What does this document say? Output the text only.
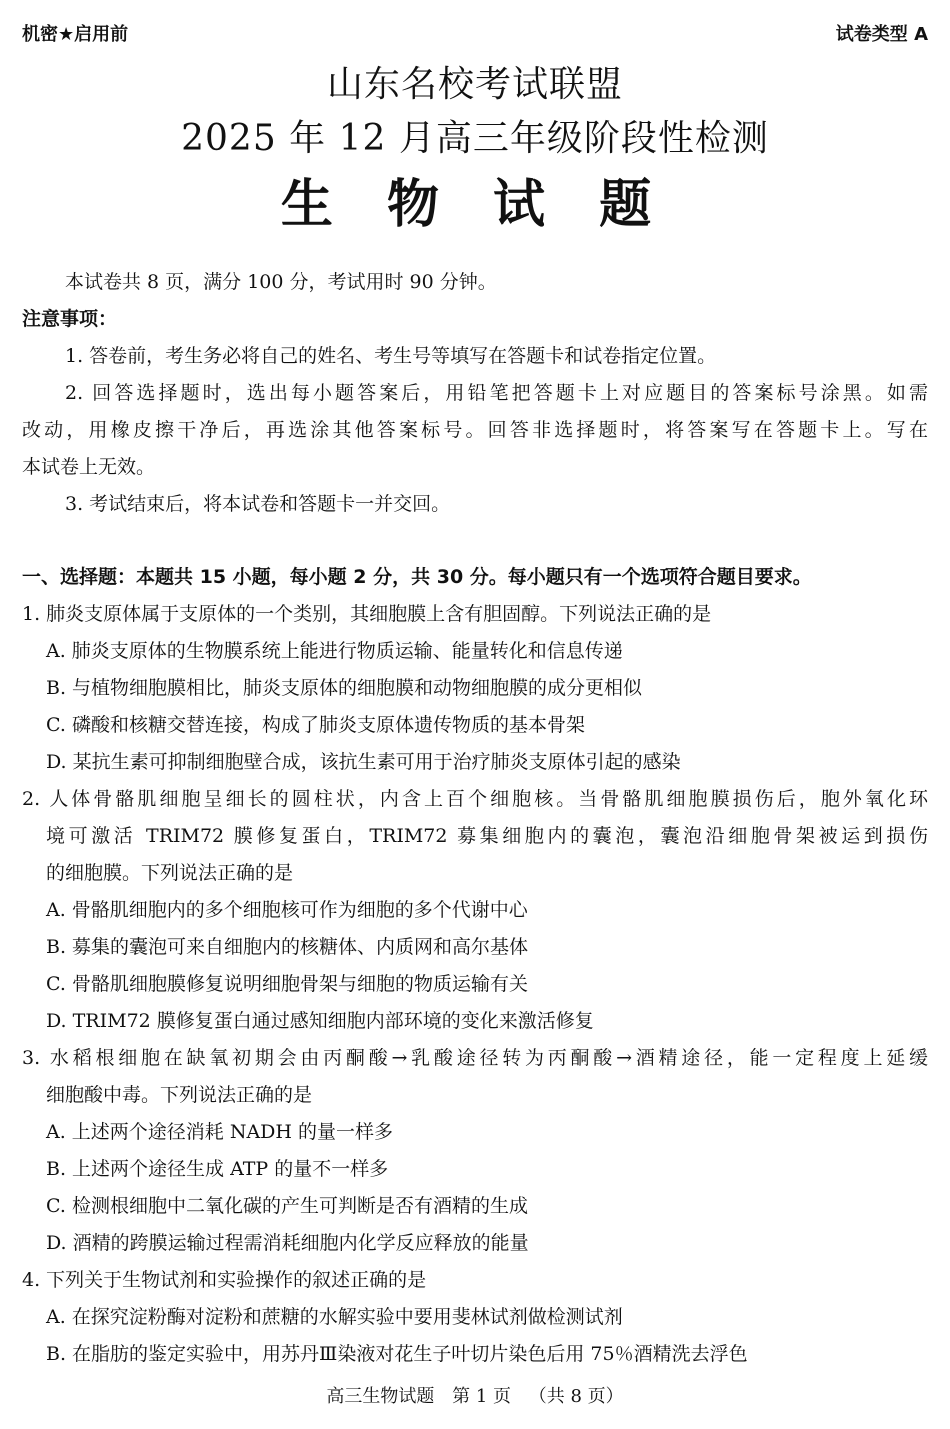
机密★启用前	试卷类型 A
山东名校考试联盟
2025 年 12 月高三年级阶段性检测
生 物 试 题
本试卷共 8 页，满分 100 分，考试用时 90 分钟。
注意事项：
1. 答卷前，考生务必将自己的姓名、考生号等填写在答题卡和试卷指定位置。
2. 回答选择题时，选出每小题答案后，用铅笔把答题卡上对应题目的答案标号涂黑。如需
改动，用橡皮擦干净后，再选涂其他答案标号。回答非选择题时，将答案写在答题卡上。写在
本试卷上无效。
3. 考试结束后，将本试卷和答题卡一并交回。
一、选择题：本题共 15 小题，每小题 2 分，共 30 分。每小题只有一个选项符合题目要求。
1. 肺炎支原体属于支原体的一个类别，其细胞膜上含有胆固醇。下列说法正确的是
A. 肺炎支原体的生物膜系统上能进行物质运输、能量转化和信息传递
B. 与植物细胞膜相比，肺炎支原体的细胞膜和动物细胞膜的成分更相似
C. 磷酸和核糖交替连接，构成了肺炎支原体遗传物质的基本骨架
D. 某抗生素可抑制细胞壁合成，该抗生素可用于治疗肺炎支原体引起的感染
2. 人体骨骼肌细胞呈细长的圆柱状，内含上百个细胞核。当骨骼肌细胞膜损伤后，胞外氧化环
境可激活 TRIM72 膜修复蛋白，TRIM72 募集细胞内的囊泡，囊泡沿细胞骨架被运到损伤
的细胞膜。下列说法正确的是
A. 骨骼肌细胞内的多个细胞核可作为细胞的多个代谢中心
B. 募集的囊泡可来自细胞内的核糖体、内质网和高尔基体
C. 骨骼肌细胞膜修复说明细胞骨架与细胞的物质运输有关
D. TRIM72 膜修复蛋白通过感知细胞内部环境的变化来激活修复
3. 水稻根细胞在缺氧初期会由丙酮酸→乳酸途径转为丙酮酸→酒精途径，能一定程度上延缓
细胞酸中毒。下列说法正确的是
A. 上述两个途径消耗 NADH 的量一样多
B. 上述两个途径生成 ATP 的量不一样多
C. 检测根细胞中二氧化碳的产生可判断是否有酒精的生成
D. 酒精的跨膜运输过程需消耗细胞内化学反应释放的能量
4. 下列关于生物试剂和实验操作的叙述正确的是
A. 在探究淀粉酶对淀粉和蔗糖的水解实验中要用斐林试剂做检测试剂
B. 在脂肪的鉴定实验中，用苏丹Ⅲ染液对花生子叶切片染色后用 75％酒精洗去浮色
高三生物试题 第 1 页 （共 8 页）
